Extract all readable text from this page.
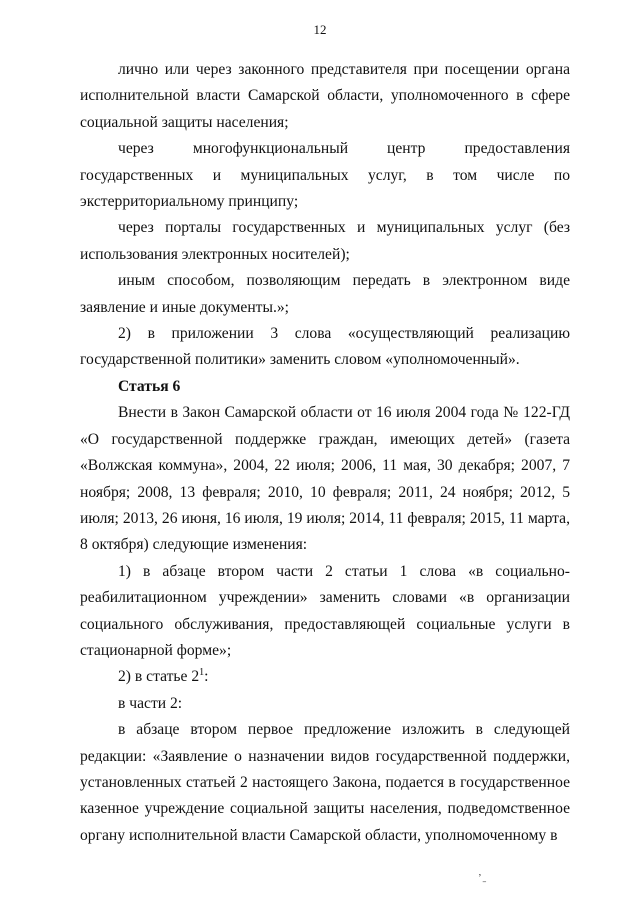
12

лично или через законного представителя при посещении органа исполнительной власти Самарской области, уполномоченного в сфере социальной защиты населения;

через многофункциональный центр предоставления государственных и муниципальных услуг, в том числе по экстерриториальному принципу;

через порталы государственных и муниципальных услуг (без использования электронных носителей);

иным способом, позволяющим передать в электронном виде заявление и иные документы.»;

2) в приложении 3 слова «осуществляющий реализацию государственной политики» заменить словом «уполномоченный».

Статья 6

Внести в Закон Самарской области от 16 июля 2004 года № 122-ГД «О государственной поддержке граждан, имеющих детей» (газета «Волжская коммуна», 2004, 22 июля; 2006, 11 мая, 30 декабря; 2007, 7 ноября; 2008, 13 февраля; 2010, 10 февраля; 2011, 24 ноября; 2012, 5 июля; 2013, 26 июня, 16 июля, 19 июля; 2014, 11 февраля; 2015, 11 марта, 8 октября) следующие изменения:

1) в абзаце втором части 2 статьи 1 слова «в социально-реабилитационном учреждении» заменить словами «в организации социального обслуживания, предоставляющей социальные услуги в стационарной форме»;

2) в статье $2^1$:

в части 2:

в абзаце втором первое предложение изложить в следующей редакции: «Заявление о назначении видов государственной поддержки, установленных статьей 2 настоящего Закона, подается в государственное казенное учреждение социальной защиты населения, подведомственное органу исполнительной власти Самарской области, уполномоченному в

ʼ ̱
